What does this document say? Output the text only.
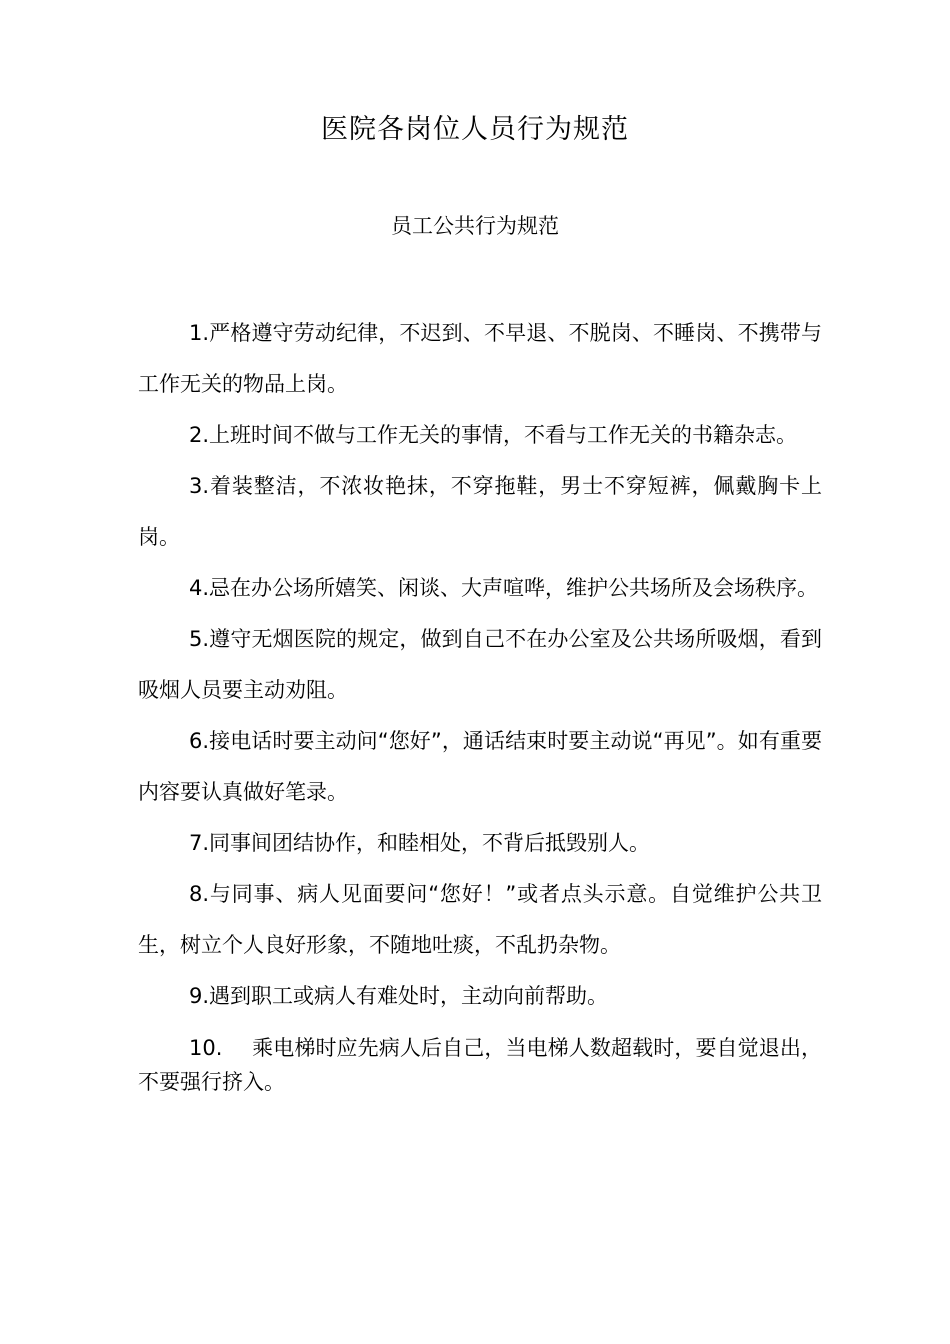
医院各岗位人员行为规范
员工公共行为规范

1.严格遵守劳动纪律，不迟到、不早退、不脱岗、不睡岗、不携带与工作无关的物品上岗。

2.上班时间不做与工作无关的事情，不看与工作无关的书籍杂志。

3.着装整洁，不浓妆艳抹，不穿拖鞋，男士不穿短裤，佩戴胸卡上岗。

4.忌在办公场所嬉笑、闲谈、大声喧哗，维护公共场所及会场秩序。

5.遵守无烟医院的规定，做到自己不在办公室及公共场所吸烟，看到吸烟人员要主动劝阻。

6.接电话时要主动问“您好”，通话结束时要主动说“再见”。如有重要内容要认真做好笔录。

7.同事间团结协作，和睦相处，不背后抵毁别人。

8.与同事、病人见面要问“您好！”或者点头示意。自觉维护公共卫生，树立个人良好形象，不随地吐痰，不乱扔杂物。

9.遇到职工或病人有难处时，主动向前帮助。

10. 乘电梯时应先病人后自己，当电梯人数超载时，要自觉退出，不要强行挤入。
